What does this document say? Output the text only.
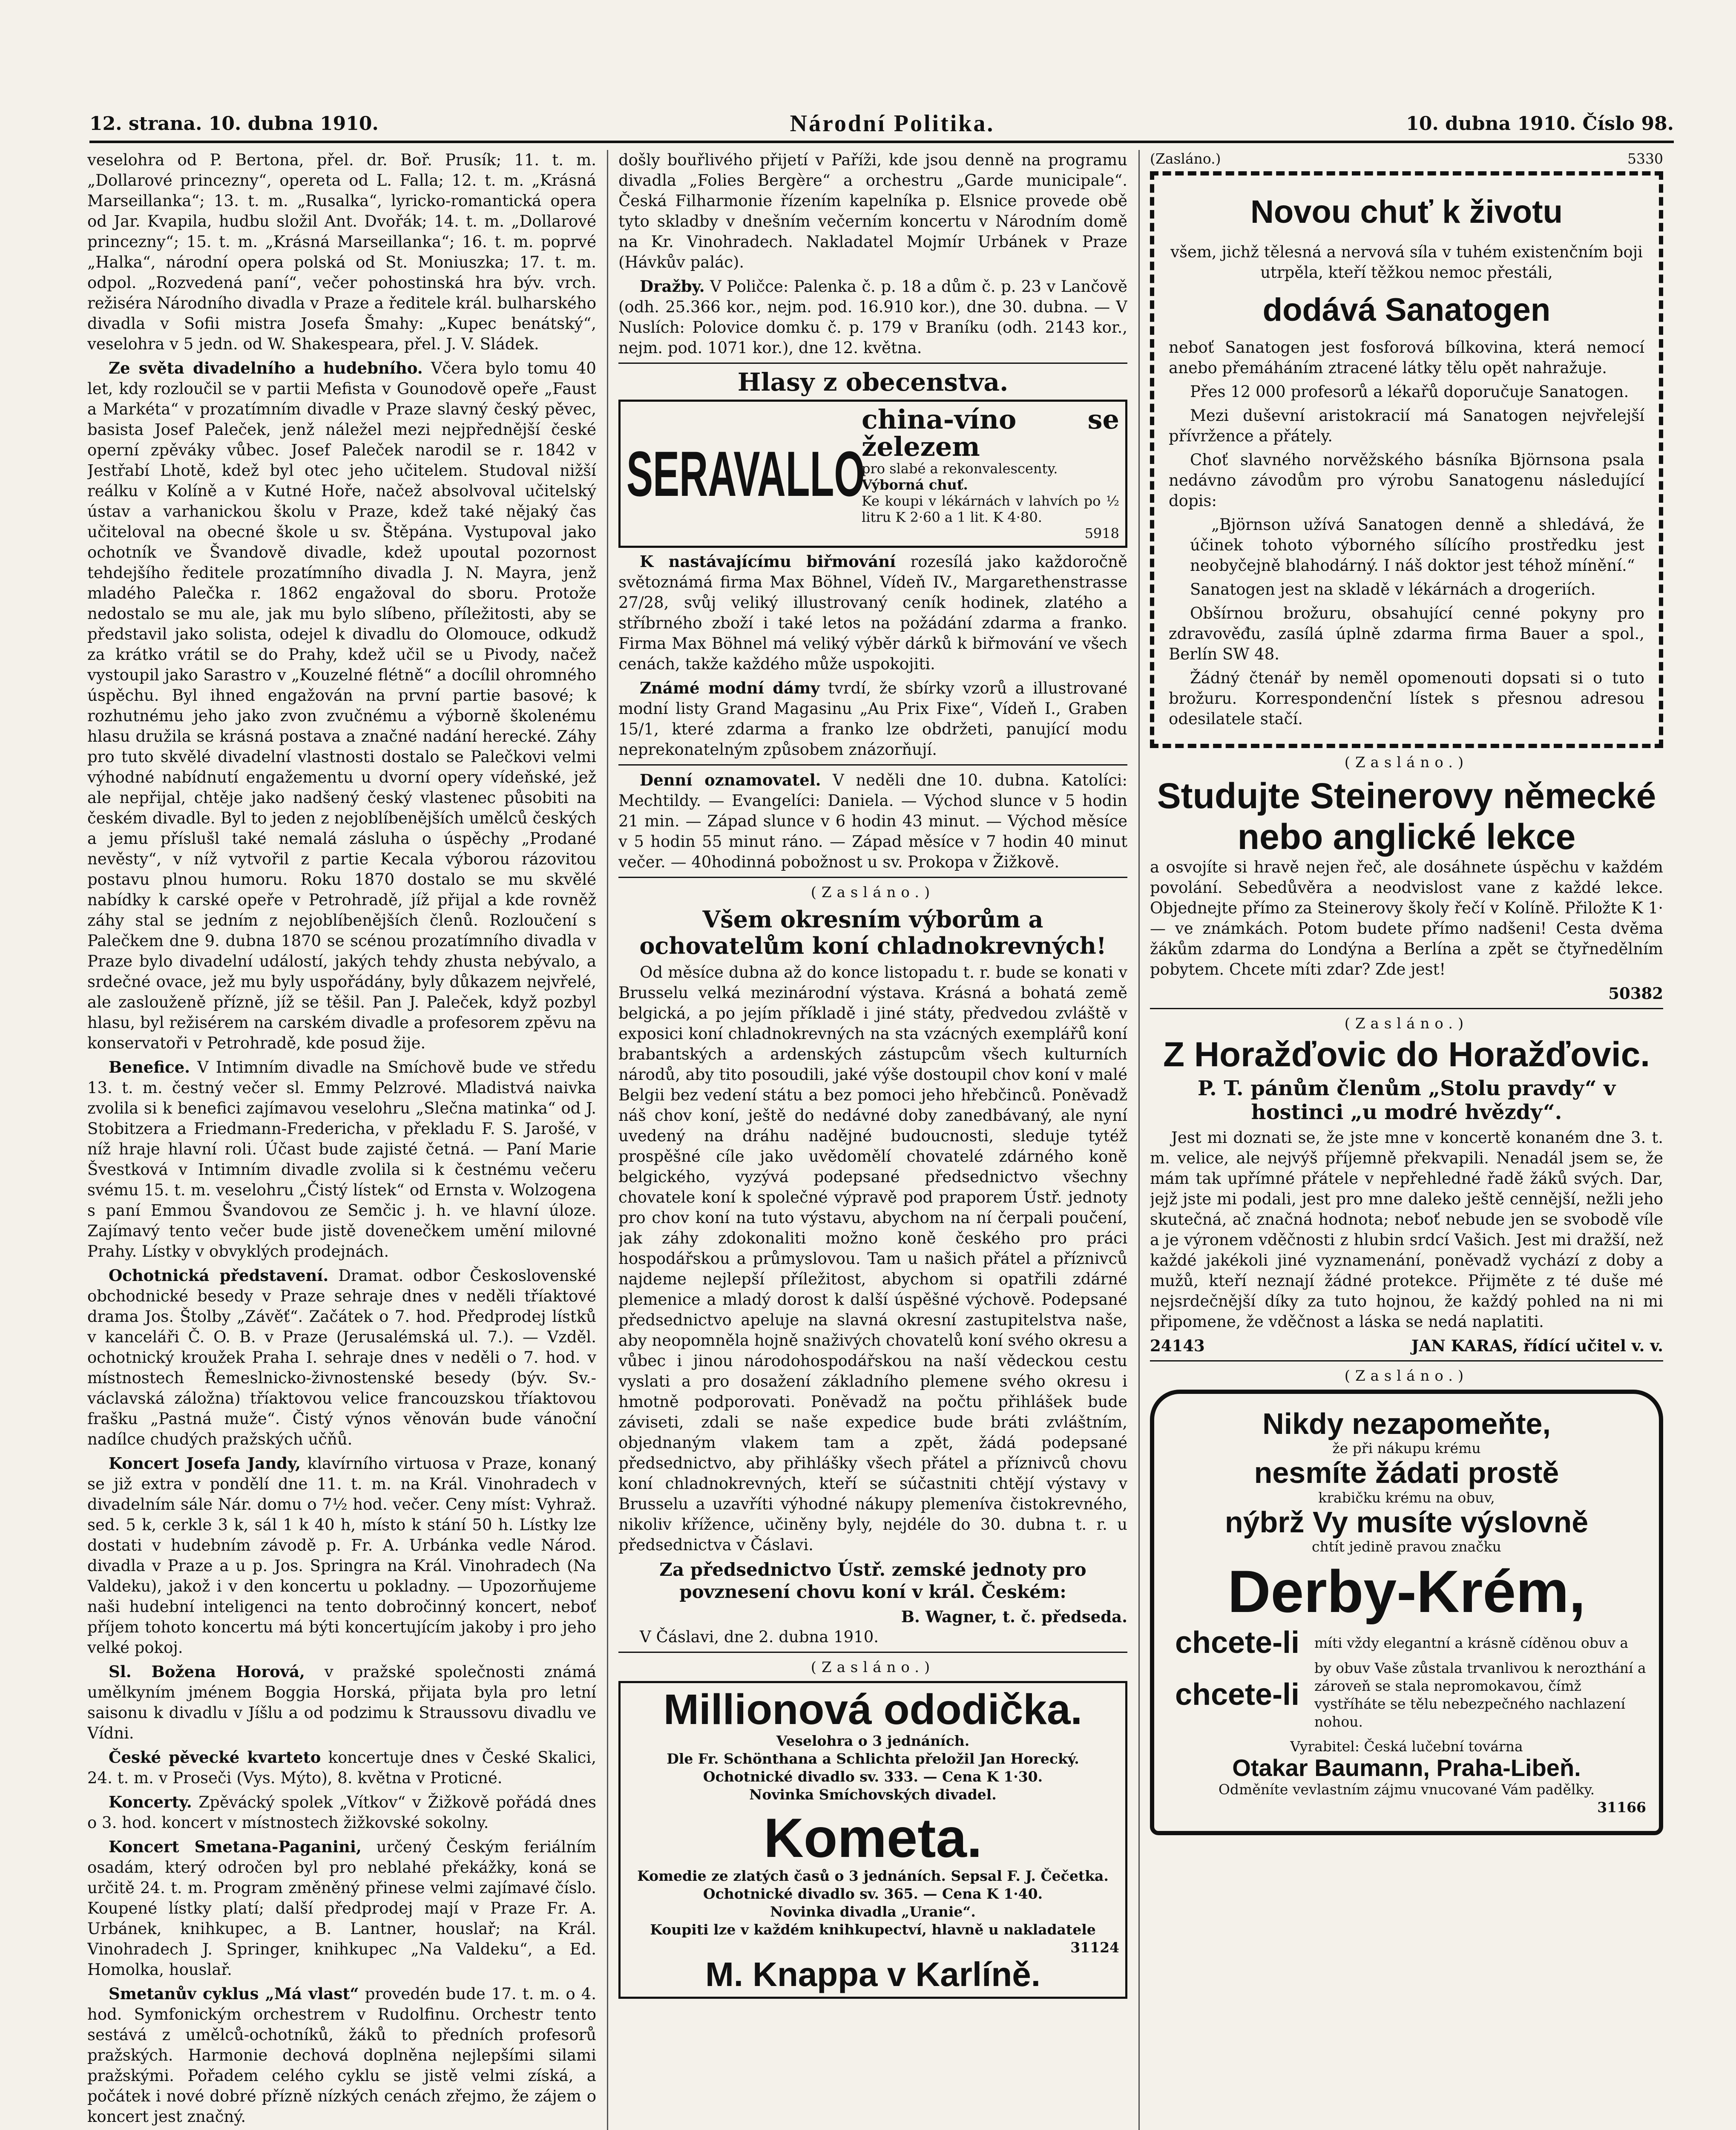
12. strana. 10. dubna 1910.	Národní Politika.	10. dubna 1910. Číslo 98.

veselohra od P. Bertona, přel. dr. Boř. Prusík; 11. t. m. „Dollarové princezny“, opereta od L. Falla; 12. t. m. „Krásná Marseillanka“; 13. t. m. „Rusalka“, lyricko-romantická opera od Jar. Kvapila, hudbu složil Ant. Dvořák; 14. t. m. „Dollarové princezny“; 15. t. m. „Krásná Marseillanka“; 16. t. m. poprvé „Halka“, národní opera polská od St. Moniuszka; 17. t. m. odpol. „Rozvedená paní“, večer pohostinská hra býv. vrch. režiséra Národního divadla v Praze a ředitele král. bulharského divadla v Sofii mistra Josefa Šmahy: „Kupec benátský“, veselohra v 5 jedn. od W. Shakespeara, přel. J. V. Sládek.

Ze světa divadelního a hudebního. Včera bylo tomu 40 let, kdy rozloučil se v partii Mefista v Gounodově opeře „Faust a Markéta“ v prozatímním divadle v Praze slavný český pěvec, basista Josef Paleček, jenž náležel mezi nejpřednější české operní zpěváky vůbec. Josef Paleček narodil se r. 1842 v Jestřabí Lhotě, kdež byl otec jeho učitelem. Studoval nižší reálku v Kolíně a v Kutné Hoře, načež absolvoval učitelský ústav a varhanickou školu v Praze, kdež také nějaký čas učiteloval na obecné škole u sv. Štěpána. Vystupoval jako ochotník ve Švandově divadle, kdež upoutal pozornost tehdejšího ředitele prozatímního divadla J. N. Mayra, jenž mladého Palečka r. 1862 engažoval do sboru. Protože nedostalo se mu ale, jak mu bylo slíbeno, příležitosti, aby se představil jako solista, odejel k divadlu do Olomouce, odkudž za krátko vrátil se do Prahy, kdež učil se u Pivody, načež vystoupil jako Sarastro v „Kouzelné flétně“ a docílil ohromného úspěchu. Byl ihned engažován na první partie basové; k rozhutnému jeho jako zvon zvučnému a výborně školenému hlasu družila se krásná postava a značné nadání herecké. Záhy pro tuto skvělé divadelní vlastnosti dostalo se Palečkovi velmi výhodné nabídnutí engažementu u dvorní opery vídeňské, jež ale nepřijal, chtěje jako nadšený český vlastenec působiti na českém divadle. Byl to jeden z nejoblíbenějších umělců českých a jemu příslušl také nemalá zásluha o úspěchy „Prodané nevěsty“, v níž vytvořil z partie Kecala výborou rázovitou postavu plnou humoru. Roku 1870 dostalo se mu skvělé nabídky k carské opeře v Petrohradě, jíž přijal a kde rovněž záhy stal se jedním z nejoblíbenějších členů. Rozloučení s Palečkem dne 9. dubna 1870 se scénou prozatímního divadla v Praze bylo divadelní událostí, jakých tehdy zhusta nebývalo, a srdečné ovace, jež mu byly uspořádány, byly důkazem nejvřelé, ale zaslouženě přízně, jíž se těšil. Pan J. Paleček, když pozbyl hlasu, byl režisérem na carském divadle a profesorem zpěvu na konservatoři v Petrohradě, kde posud žije.

Benefice. V Intimním divadle na Smíchově bude ve středu 13. t. m. čestný večer sl. Emmy Pelzrové. Mladistvá naivka zvolila si k benefici zajímavou veselohru „Slečna matinka“ od J. Stobitzera a Friedmann-Fredericha, v překladu F. S. Jarošé, v níž hraje hlavní roli. Účast bude zajisté četná. — Paní Marie Švestková v Intimním divadle zvolila si k čestnému večeru svému 15. t. m. veselohru „Čistý lístek“ od Ernsta v. Wolzogena s paní Emmou Švandovou ze Semčic j. h. ve hlavní úloze. Zajímavý tento večer bude jistě dovenečkem umění milovné Prahy. Lístky v obvyklých prodejnách.

Ochotnická představení. Dramat. odbor Československé obchodnické besedy v Praze sehraje dnes v neděli tříaktové drama Jos. Štolby „Závěť“. Začátek o 7. hod. Předprodej lístků v kanceláři Č. O. B. v Praze (Jerusalémská ul. 7.). — Vzděl. ochotnický kroužek Praha I. sehraje dnes v neděli o 7. hod. v místnostech Řemeslnicko-živnostenské besedy (býv. Sv.-václavská záložna) tříaktovou velice francouzskou tříaktovou frašku „Pastná muže“. Čistý výnos věnován bude vánoční nadílce chudých pražských učňů.

Koncert Josefa Jandy, klavírního virtuosa v Praze, konaný se již extra v pondělí dne 11. t. m. na Král. Vinohradech v divadelním sále Nár. domu o 7½ hod. večer. Ceny míst: Vyhraž. sed. 5 k, cerkle 3 k, sál 1 k 40 h, místo k stání 50 h. Lístky lze dostati v hudebním závodě p. Fr. A. Urbánka vedle Národ. divadla v Praze a u p. Jos. Springra na Král. Vinohradech (Na Valdeku), jakož i v den koncertu u pokladny. — Upozorňujeme naši hudební inteligenci na tento dobročinný koncert, neboť příjem tohoto koncertu má býti koncertujícím jakoby i pro jeho velké pokoj.

Sl. Božena Horová, v pražské společnosti známá umělkyním jménem Boggia Horská, přijata byla pro letní saisonu k divadlu v Jíšlu a od podzimu k Straussovu divadlu ve Vídni.

České pěvecké kvarteto koncertuje dnes v České Skalici, 24. t. m. v Proseči (Vys. Mýto), 8. května v Proticné.

Koncerty. Zpěvácký spolek „Vítkov“ v Žižkově pořádá dnes o 3. hod. koncert v místnostech žižkovské sokolny.

Koncert Smetana-Paganini, určený Českým feriálním osadám, který odročen byl pro neblahé překážky, koná se určitě 24. t. m. Program změněný přinese velmi zajímavé číslo. Koupené lístky platí; další předprodej mají v Praze Fr. A. Urbánek, knihkupec, a B. Lantner, houslař; na Král. Vinohradech J. Springer, knihkupec „Na Valdeku“, a Ed. Homolka, houslař.

Smetanův cyklus „Má vlast“ provedén bude 17. t. m. o 4. hod. Symfonickým orchestrem v Rudolfinu. Orchestr tento sestává z umělců-ochotníků, žáků to předních profesorů pražských. Harmonie dechová doplněna nejlepšími silami pražskými. Pořadem celého cyklu se jistě velmi získá, a počátek i nové dobré přízně nízkých cenách zřejmo, že zájem o koncert jest značný.

došly bouřlivého přijetí v Paříži, kde jsou denně na programu divadla „Folies Bergère“ a orchestru „Garde municipale“. Česká Filharmonie řízením kapelníka p. Elsnice provede obě tyto skladby v dnešním večerním koncertu v Národním domě na Kr. Vinohradech. Nakladatel Mojmír Urbánek v Praze (Hávkův palác).

Dražby. V Poličce: Palenka č. p. 18 a dům č. p. 23 v Lančově (odh. 25.366 kor., nejm. pod. 16.910 kor.), dne 30. dubna. — V Nuslích: Polovice domku č. p. 179 v Braníku (odh. 2143 kor., nejm. pod. 1071 kor.), dne 12. května.

Hlasy z obecenstva.
SERAVALLO
china-víno se železem
pro slabé a rekonvalescenty.
Výborná chuť.
Ke koupi v lékárnách v lahvích po ½ litru K 2·60 a 1 lit. K 4·80.
5918

K nastávajícímu biřmování rozesílá jako každoročně světoznámá firma Max Böhnel, Vídeň IV., Margarethenstrasse 27/28, svůj veliký illustrovaný ceník hodinek, zlatého a stříbrného zboží i také letos na požádání zdarma a franko. Firma Max Böhnel má veliký výběr dárků k biřmování ve všech cenách, takže každého může uspokojiti.

Známé modní dámy tvrdí, že sbírky vzorů a illustrované modní listy Grand Magasinu „Au Prix Fixe“, Vídeň I., Graben 15/1, které zdarma a franko lze obdržeti, panující modu neprekonatelným způsobem znázorňují.

Denní oznamovatel. V neděli dne 10. dubna. Katolíci: Mechtildy. — Evangelíci: Daniela. — Východ slunce v 5 hodin 21 min. — Západ slunce v 6 hodin 43 minut. — Východ měsíce v 5 hodin 55 minut ráno. — Západ měsíce v 7 hodin 40 minut večer. — 40hodinná pobožnost u sv. Prokopa v Žižkově.

(Zasláno.)
Všem okresním výborům a ochovatelům koní chladnokrevných!

Od měsíce dubna až do konce listopadu t. r. bude se konati v Brusselu velká mezinárodní výstava. Krásná a bohatá země belgická, a po jejím příkladě i jiné státy, předvedou zvláště v exposici koní chladnokrevných na sta vzácných exemplářů koní brabantských a ardenských zástupcům všech kulturních národů, aby tito posoudili, jaké výše dostoupil chov koní v malé Belgii bez vedení státu a bez pomoci jeho hřebčinců. Poněvadž náš chov koní, ještě do nedávné doby zanedbávaný, ale nyní uvedený na dráhu nadějné budoucnosti, sleduje tytéž prospěšné cíle jako uvědomělí chovatelé zdárného koně belgického, vyzývá podepsané předsednictvo všechny chovatele koní k společné výpravě pod praporem Ústř. jednoty pro chov koní na tuto výstavu, abychom na ní čerpali poučení, jak záhy zdokonaliti možno koně českého pro práci hospodářskou a průmyslovou. Tam u našich přátel a příznivců najdeme nejlepší příležitost, abychom si opatřili zdárné plemenice a mladý dorost k další úspěšné výchově. Podepsané předsednictvo apeluje na slavná okresní zastupitelstva naše, aby neopomněla hojně snaživých chovatelů koní svého okresu a vůbec i jinou národohospodářskou na naší vědeckou cestu vyslati a pro dosažení základního plemene svého okresu i hmotně podporovati. Poněvadž na počtu přihlášek bude záviseti, zdali se naše expedice bude bráti zvláštním, objednaným vlakem tam a zpět, žádá podepsané předsednictvo, aby přihlášky všech přátel a příznivců chovu koní chladnokrevných, kteří se súčastniti chtějí výstavy v Brusselu a uzavříti výhodné nákupy plemeníva čistokrevného, nikoliv křížence, učiněny byly, nejdéle do 30. dubna t. r. u předsednictva v Čáslavi.

Za předsednictvo Ústř. zemské jednoty pro povznesení chovu koní v král. Českém:
B. Wagner, t. č. předseda.

V Čáslavi, dne 2. dubna 1910.

(Zasláno.)
Millionová ododička.
Veselohra o 3 jednáních.
Dle Fr. Schönthana a Schlichta přeložil Jan Horecký.
Ochotnické divadlo sv. 333. — Cena K 1·30.
Novinka Smíchovských divadel.
Kometa.
Komedie ze zlatých časů o 3 jednáních. Sepsal F. J. Čečetka.
Ochotnické divadlo sv. 365. — Cena K 1·40.
Novinka divadla „Uranie“.
Koupiti lze v každém knihkupectví, hlavně u nakladatele
31124
M. Knappa v Karlíně.
(Zasláno.)	5330
Novou chuť k životu

všem, jichž tělesná a nervová síla v tuhém existenčním boji utrpěla, kteří těžkou nemoc přestáli,

dodává Sanatogen

neboť Sanatogen jest fosforová bílkovina, která nemocí anebo přemáháním ztracené látky tělu opět nahražuje.

Přes 12 000 profesorů a lékařů doporučuje Sanatogen.

Mezi duševní aristokracií má Sanatogen nejvřelejší přívržence a přátely.

Choť slavného norvěžského básníka Björnsona psala nedávno závodům pro výrobu Sanatogenu následující dopis:

„Björnson užívá Sanatogen denně a shledává, že účinek tohoto výborného sílícího prostředku jest neobyčejně blahodárný. I náš doktor jest téhož mínění.“

Sanatogen jest na skladě v lékárnách a drogeriích.

Obšírnou brožuru, obsahující cenné pokyny pro zdravověđu, zasílá úplně zdarma firma Bauer a spol., Berlín SW 48.

Žádný čtenář by neměl opomenouti dopsati si o tuto brožuru. Korrespondenční lístek s přesnou adresou odesilatele stačí.

(Zasláno.)
Studujte Steinerovy německé nebo anglické lekce

a osvojíte si hravě nejen řeč, ale dosáhnete úspěchu v každém povolání. Sebedůvěra a neodvislost vane z každé lekce. Objednejte přímo za Steinerovy školy řečí v Kolíně. Přiložte K 1·— ve známkách. Potom budete přímo nadšeni! Cesta dvěma žákům zdarma do Londýna a Berlína a zpět se čtyřnedělním pobytem. Chcete míti zdar? Zde jest!

50382
(Zasláno.)
Z Horažďovic do Horažďovic.
P. T. pánům členům „Stolu pravdy“ v hostinci „u modré hvězdy“.

Jest mi doznati se, že jste mne v koncertě konaném dne 3. t. m. velice, ale nejvýš příjemně překvapili. Nenadál jsem se, že mám tak upřímné přátele v nepřehledné řadě žáků svých. Dar, jejž jste mi podali, jest pro mne daleko ještě cennější, nežli jeho skutečná, ač značná hodnota; neboť nebude jen se svobodě víle a je výronem vděčnosti z hlubin srdcí Vašich. Jest mi dražší, než každé jakékoli jiné vyznamenání, poněvadž vychází z doby a mužů, kteří neznají žádné protekce. Přijměte z té duše mé nejsrdečnější díky za tuto hojnou, že každý pohled na ni mi připomene, že vděčnost a láska se nedá naplatiti.

24143	JAN KARAS, řídící učitel v. v.
(Zasláno.)
Nikdy nezapomeňte,
že při nákupu krému
nesmíte žádati prostě
krabičku krému na obuv,
nýbrž Vy musíte výslovně
chtít jedině pravou značku
Derby-Krém,
chcete-li	míti vždy elegantní a krásně cíděnou obuv a
chcete-li
by obuv Vaše zůstala trvanlivou k nerozthání a zároveň se stala nepromokavou, čímž vystříháte se tělu nebezpečného nachlazení nohou.
Vyrabitel: Česká lučební továrna
Otakar Baumann, Praha-Libeň.
Odměníte vevlastním zájmu vnucované Vám padělky.
31166
